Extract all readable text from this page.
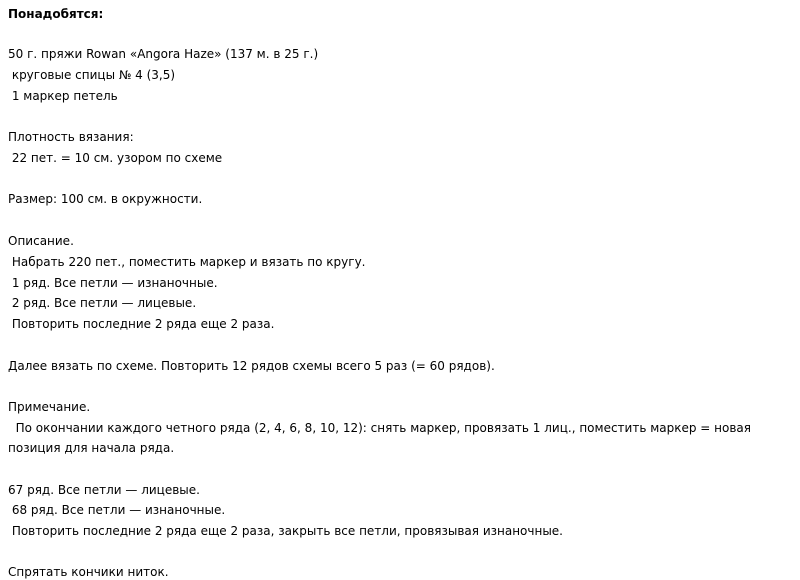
Понадобятся:
50 г. пряжи Rowan «Angora Haze» (137 м. в 25 г.)
круговые спицы № 4 (3,5)
1 маркер петель
Плотность вязания:
22 пет. = 10 см. узором по схеме
Размер: 100 см. в окружности.
Описание.
Набрать 220 пет., поместить маркер и вязать по кругу.
1 ряд. Все петли — изнаночные.
2 ряд. Все петли — лицевые.
Повторить последние 2 ряда еще 2 раза.
Далее вязать по схеме. Повторить 12 рядов схемы всего 5 раз (= 60 рядов).
Примечание.
По окончании каждого четного ряда (2, 4, 6, 8, 10, 12): снять маркер, провязать 1 лиц., поместить маркер = новая
позиция для начала ряда.
67 ряд. Все петли — лицевые.
68 ряд. Все петли — изнаночные.
Повторить последние 2 ряда еще 2 раза, закрыть все петли, провязывая изнаночные.
Спрятать кончики ниток.
